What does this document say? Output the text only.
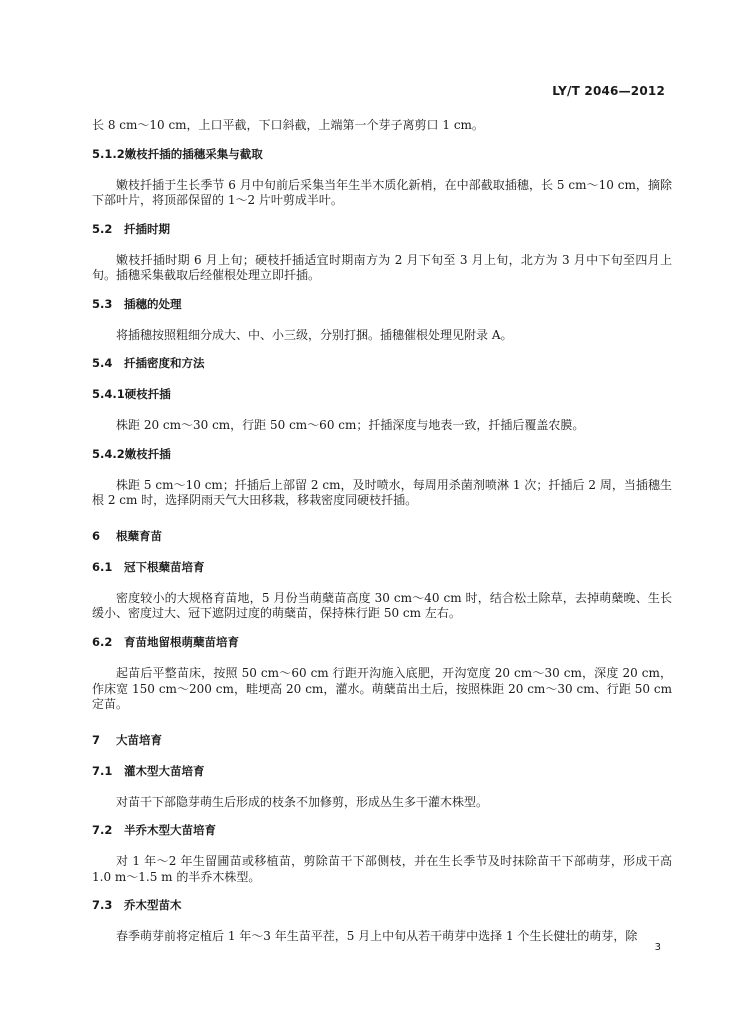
LY/T 2046—2012

长 8 cm～10 cm，上口平截，下口斜截，上端第一个芽子离剪口 1 cm。

5.1.2嫩枝扦插的插穗采集与截取

嫩枝扦插于生长季节 6 月中旬前后采集当年生半木质化新梢，在中部截取插穗，长 5 cm～10 cm，摘除下部叶片，将顶部保留的 1～2 片叶剪成半叶。

5.2 扦插时期

嫩枝扦插时期 6 月上旬；硬枝扦插适宜时期南方为 2 月下旬至 3 月上旬，北方为 3 月中下旬至四月上旬。插穗采集截取后经催根处理立即扦插。

5.3 插穗的处理

将插穗按照粗细分成大、中、小三级，分别打捆。插穗催根处理见附录 A。

5.4 扦插密度和方法
5.4.1硬枝扦插

株距 20 cm～30 cm，行距 50 cm～60 cm；扦插深度与地表一致，扦插后覆盖农膜。

5.4.2嫩枝扦插

株距 5 cm～10 cm；扦插后上部留 2 cm，及时喷水，每周用杀菌剂喷淋 1 次；扦插后 2 周，当插穗生根 2 cm 时，选择阴雨天气大田移栽，移栽密度同硬枝扦插。

6 根蘖育苗
6.1 冠下根蘖苗培育

密度较小的大规格育苗地，5 月份当萌蘖苗高度 30 cm～40 cm 时，结合松土除草，去掉萌蘖晚、生长缓小、密度过大、冠下遮阴过度的萌蘖苗，保持株行距 50 cm 左右。

6.2 育苗地留根萌蘖苗培育

起苗后平整苗床，按照 50 cm～60 cm 行距开沟施入底肥，开沟宽度 20 cm～30 cm，深度 20 cm，作床宽 150 cm～200 cm，畦埂高 20 cm，灌水。萌蘖苗出土后，按照株距 20 cm～30 cm、行距 50 cm 定苗。

7 大苗培育
7.1 灌木型大苗培育

对苗干下部隐芽萌生后形成的枝条不加修剪，形成丛生多干灌木株型。

7.2 半乔木型大苗培育

对 1 年～2 年生留圃苗或移植苗，剪除苗干下部侧枝，并在生长季节及时抹除苗干下部萌芽，形成干高 1.0 m～1.5 m 的半乔木株型。

7.3 乔木型苗木

春季萌芽前将定植后 1 年～3 年生苗平茬，5 月上中旬从若干萌芽中选择 1 个生长健壮的萌芽，除

3
